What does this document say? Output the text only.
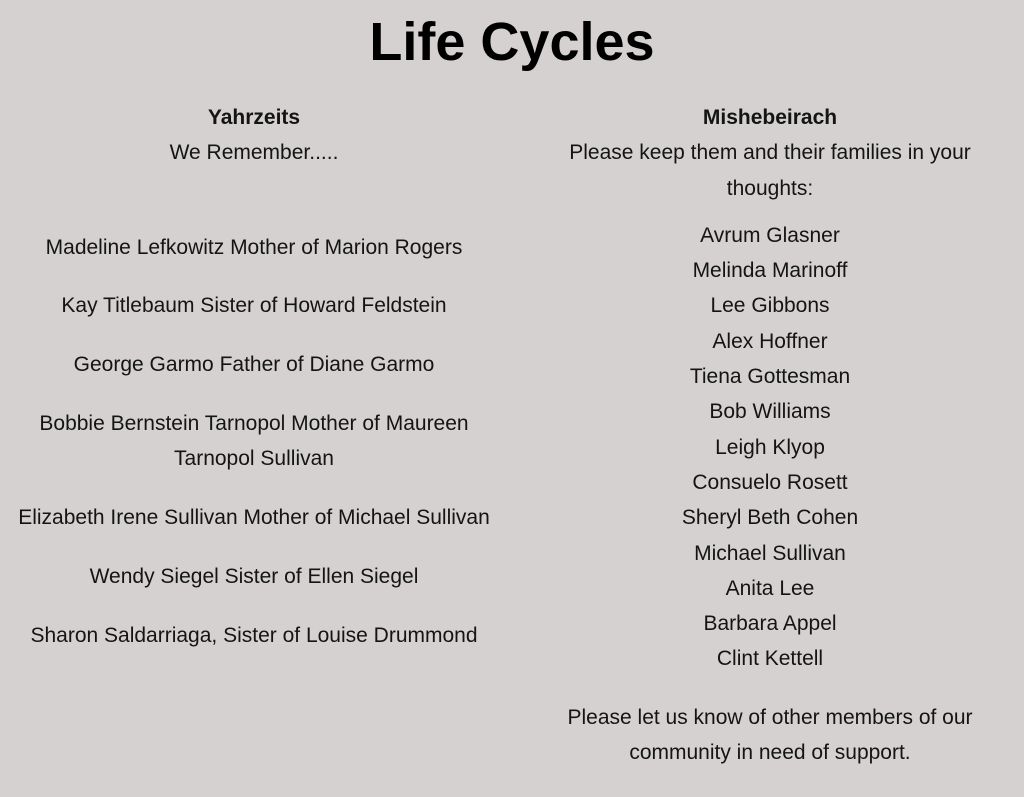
Life Cycles
Yahrzeits
We Remember.....
Madeline Lefkowitz Mother of Marion Rogers
Kay Titlebaum Sister of Howard Feldstein
George Garmo Father of Diane Garmo
Bobbie Bernstein Tarnopol Mother of Maureen Tarnopol Sullivan
Elizabeth Irene Sullivan Mother of Michael Sullivan
Wendy Siegel Sister of Ellen Siegel
Sharon Saldarriaga, Sister of Louise Drummond
Mishebeirach
Please keep them and their families in your thoughts:
Avrum Glasner
Melinda Marinoff
Lee Gibbons
Alex Hoffner
Tiena Gottesman
Bob Williams
Leigh Klyop
Consuelo Rosett
Sheryl Beth Cohen
Michael Sullivan
Anita Lee
Barbara Appel
Clint Kettell
Please let us know of other members of our community in need of support.
